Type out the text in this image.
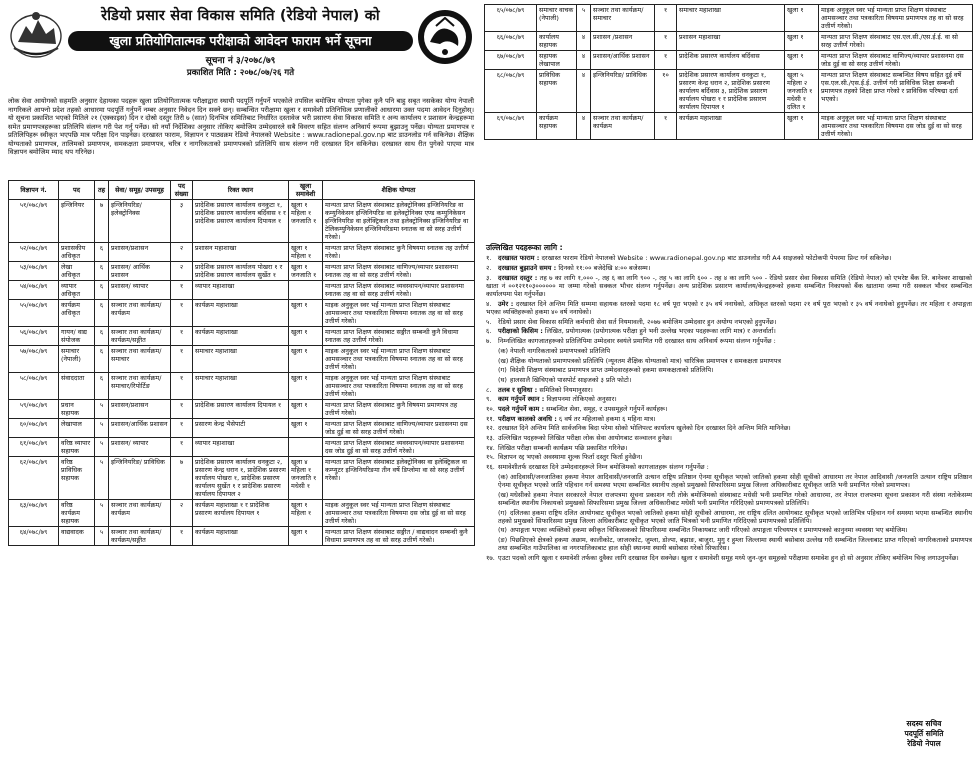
रेडियो प्रसार सेवा विकास समिति (रेडियो नेपाल) को
खुला प्रतियोगितात्मक परीक्षाको आवेदन फाराम भर्ने सूचना
सूचना नं ३/२०७८/७९
प्रकाशित मिति : २०७८/०७/२६ गते
लोक सेवा आयोगको सहमति अनुसार देहायका पदहरू खुला प्रतियोगितात्मक परीक्षाद्वारा स्थायी पदपूर्ति गर्नुपर्ने भएकोले तपसिल बमोजिम योग्यता पुगेका कुनै पनि बाहु सबृत नसकेका योग्य नेपाली नागरिकले आफ्नो प्रदेश तहको आधारमा पदपूर्ति गर्नुपर्ने नम्बर अनुसार निवेदन दिन सक्ने छन्। सम्बन्धित परीक्षामा खुला र समावेशी प्रतिनिधित्व प्रणालीको आधारमा उक्त पदमा आवेदन दिनुहोस्। यो सूचना प्रकाशित भएको मितिले २१ (एक्काइस) दिन र दोस्रो दस्तुर तिरी ७ (सात) दिनभित्र समितिबाट निर्धारित दस्तावेज भरी प्रसारण सेवा विकास समिति र अन्य कार्यालय र प्रशासन केन्द्रहरूमा समेत प्रमाणपत्रहरूका प्रतिलिपि संलग्न गरी पेश गर्नु पर्नेछ। सो नयाँ निर्देशिका अनुसार तोकिए बमोजिम उम्मेदवारले सबै विवरण सहित संलग्न अनिवार्य रूपमा बुझाउनु पर्नेछ। योग्यता प्रमाणपत्र र प्रतिलिपिहरू स्वीकृत भएपछि मात्र परीक्षा दिन पाइनेछ। दरखास्त फाराम, विज्ञापन र पाठ्यक्रम रेडियो नेपालको Website : www.radionepal.gov.np बाट डाउनलोड गर्न सकिनेछ। शैक्षिक योग्यताको प्रमाणपत्र, तालिमको प्रमाणपत्र, समकक्षता प्रमाणपत्र, चरित्र र नागरिकताको प्रमाणपत्रको प्रतिलिपि साथ संलग्न गरी दरखास्त दिन सकिनेछ। दरखास्त साथ रीत पुगेको पाएमा मात्र विज्ञापन बमोजिम म्याद थप गरिनेछ।
विज्ञापन नं.	पद	तह	सेवा/ समूह/ उपसमूह	पद संख्या	रिक्त स्थान	खुला समावेशी	शैक्षिक योग्यता
५१/०७८/७९	इन्जिनियर	७	इन्जिनियरिङ/ इलेक्ट्रोनिक्स	३	प्रादेशिक प्रसारण कार्यालय धनकुटा १, प्रादेशिक प्रसारण कार्यालय बर्दिवास १ र प्रादेशिक प्रसारण कार्यालय दिपायल १	खुला १ महिला १ जनजाति १	मान्यता प्राप्त शिक्षण संस्थाबाट इलेक्ट्रोनिक्स इन्जिनियरिङ वा कम्युनिकेसन इन्जिनियरिङ वा इलेक्ट्रोनिक्स एण्ड कम्युनिकेसन इन्जिनियरिङ वा इलेक्ट्रिकल तथा इलेक्ट्रोनिक्स इन्जिनियरिङ वा टेलिकम्युनिकेसन इन्जिनियरिङमा स्नातक वा सो सरह उत्तीर्ण गरेको।
५२/०७८/७९	प्रशासकीय अधिकृत	६	प्रशासन/प्रशासन	२	प्रशासन महाशाखा	खुला १ महिला १	मान्यता प्राप्त शिक्षण संस्थाबाट कुनै विषयमा स्नातक तह उत्तीर्ण गरेको।
५३/०७८/७९	लेखा अधिकृत	६	प्रशासन/ आर्थिक प्रशासन	२	प्रादेशिक प्रसारण कार्यालय पोखरा १ र प्रादेशिक प्रसारण कार्यालय सुर्खेत १	खुला १ जनजाति १	मान्यता प्राप्त शिक्षण संस्थाबाट वाणिज्य/व्यापार प्रशासनमा स्नातक तह वा सो सरह उत्तीर्ण गरेको।
५४/०७८/७९	व्यापार अधिकृत	६	प्रशासन/ व्यापार	१	व्यापार महाशाखा		मान्यता प्राप्त शिक्षण संस्थाबाट व्यवस्थापन/व्यापार प्रशासनमा स्नातक तह वा सो सरह उत्तीर्ण गरेको।
५५/०७८/७९	कार्यक्रम अधिकृत	६	सञ्चार तथा कार्यक्रम/ कार्यक्रम	१	कार्यक्रम महाशाखा	खुला १	माइक अनुकूल स्वर भई मान्यता प्राप्त शिक्षण संस्थाबाट आमसञ्चार तथा पत्रकारिता विषयमा स्नातक तह वा सो सरह उत्तीर्ण गरेको।
५६/०७८/७९	गायन/ वाद्य संयोजक	६	सञ्चार तथा कार्यक्रम/ कार्यक्रम/सङ्गीत	१	कार्यक्रम महाशाखा	खुला १	मान्यता प्राप्त शिक्षण संस्थाबाट सङ्गीत सम्बन्धी कुनै विधामा स्नातक तह उत्तीर्ण गरेको।
५७/०७८/७९	समाचार (नेपाली)	६	सञ्चार तथा कार्यक्रम/ समाचार	१	समाचार महाशाखा	खुला १	माइक अनुकूल स्वर भई मान्यता प्राप्त शिक्षण संस्थाबाट आमसञ्चार तथा पत्रकारिता विषयमा स्नातक तह वा सो सरह उत्तीर्ण गरेको।
५८/०७८/७९	संवाददाता	६	सञ्चार तथा कार्यक्रम/ समाचार/रिपोर्टिङ	१	समाचार महाशाखा	खुला १	माइक अनुकूल स्वर भई मान्यता प्राप्त शिक्षण संस्थाबाट आमसञ्चार तथा पत्रकारिता विषयमा स्नातक तह वा सो सरह उत्तीर्ण गरेको।
५९/०७८/७९	प्रधान सहायक	५	प्रशासन/प्रशासन	१	प्रादेशिक प्रसारण कार्यालय दिपायल १	खुला १	मान्यता प्राप्त शिक्षण संस्थाबाट कुनै विषयमा प्रमाणपत्र तह उत्तीर्ण गरेको।
६०/०७८/७९	लेखापाल	५	प्रशासन/आर्थिक प्रशासन	१	प्रसारण केन्द्र भैसेपाटी	खुला १	मान्यता प्राप्त शिक्षण संस्थाबाट वाणिज्य/व्यापार प्रशासनमा दस जोड दुई वा सो सरह उत्तीर्ण गरेको।
६१/०७८/७९	वरिष्ठ व्यापार सहायक	५	प्रशासन/ व्यापार	१	व्यापार महाशाखा		मान्यता प्राप्त शिक्षण संस्थाबाट व्यवस्थापन/व्यापार प्रशासनमा दस जोड दुई वा सो सरह उत्तीर्ण गरेको।
६२/०७८/७९	वरिष्ठ प्राविधिक सहायक	५	इन्जिनियरिङ/ प्राविधिक	७	प्रादेशिक प्रसारण कार्यालय धनकुटा २, प्रसारण केन्द्र धरान १, प्रादेशिक प्रसारण कार्यालय पोखरा १, प्रादेशिक प्रसारण कार्यालय सुर्खेत १ र प्रादेशिक प्रसारण कार्यालय दिपायल २	खुला ४ महिला १ जनजाति १ मधेसी १	मान्यता प्राप्त शिक्षण संस्थाबाट इलेक्ट्रोनिक्स वा इलेक्ट्रिकल वा कम्प्युटर इन्जिनियरिङमा तीन वर्षे डिप्लोमा वा सो सरह उत्तीर्ण गरेको।
६३/०७८/७९	वरिष्ठ कार्यक्रम सहायक	५	सञ्चार तथा कार्यक्रम/ कार्यक्रम	२	कार्यक्रम महाशाखा १ र प्रादेशिक प्रसारण कार्यालय दिपायल १	खुला १ महिला १	माइक अनुकूल स्वर भई मान्यता प्राप्त शिक्षण संस्थाबाट आमसञ्चार तथा पत्रकारिता विषयमा दस जोड दुई वा सो सरह उत्तीर्ण गरेको।
६४/०७८/७९	वाद्यवादक	५	सञ्चार तथा कार्यक्रम/ कार्यक्रम/सङ्गीत	१	कार्यक्रम महाशाखा	खुला १	मान्यता प्राप्त शिक्षण संस्थाबाट सङ्गीत / वाद्यवादन सम्बन्धी कुनै विधामा प्रमाणपत्र तह वा सो सरह उत्तीर्ण गरेको।
६५/०७८/७९	समाचार वाचक (नेपाली)	५	सञ्चार तथा कार्यक्रम/ समाचार	१	समाचार महाशाखा	खुला १	माइक अनुकूल स्वर भई मान्यता प्राप्त शिक्षण संस्थाबाट आमसञ्चार तथा पत्रकारिता विषयमा प्रमाणपत्र तह वा सो सरह उत्तीर्ण गरेको।
६६/०७८/७९	कार्यालय सहायक	४	प्रशासन /प्रशासन	१	प्रशासन महाशाखा	खुला १	मान्यता प्राप्त शिक्षण संस्थाबाट एस.एल.सी./एस.ई.ई. वा सो सरह उत्तीर्ण गरेको।
६७/०७८/७९	सहायक लेखापाल	४	प्रशासन/आर्थिक प्रशासन	१	प्रादेशिक प्रसारण कार्यालय बर्दिवास	खुला १	मान्यता प्राप्त शिक्षण संस्थाबाट वाणिज्य/व्यापार प्रशासनमा दस जोड दुई वा सो सरह उत्तीर्ण गरेको।
६८/०७८/७९	प्राविधिक सहायक	४	इन्जिनियरिङ/ प्राविधिक	१०	प्रादेशिक प्रसारण कार्यालय धनकुटा १, प्रसारण केन्द्र धरान २, प्रादेशिक प्रसारण कार्यालय बर्दिवास ३, प्रादेशिक प्रसारण कार्यालय पोखरा १ र प्रादेशिक प्रसारण कार्यालय दिपायल १	खुला ५ महिला २ जनजाति १ मधेसी १ दलित १	मान्यता प्राप्त शिक्षण संस्थाबाट सम्बन्धित विषय सहित दुई वर्षे एस.एल.सी./एस.ई.ई. उत्तीर्ण गरी प्राविधिक शिक्षा सम्बन्धी प्रमाणपत्र तहको शिक्षा प्राप्त गरेको र प्राविधिक परिषद्मा दर्ता भएको।
६९/०७८/७९	कार्यक्रम सहायक	४	सञ्चार तथा कार्यक्रम/ कार्यक्रम	१	कार्यक्रम महाशाखा	खुला १	माइक अनुकूल स्वर भई मान्यता प्राप्त शिक्षण संस्थाबाट आमसञ्चार तथा पत्रकारिता विषयमा दस जोड दुई वा सो सरह उत्तीर्ण गरेको।
उल्लिखित पदहरूका लागि :
१. दरखास्त फाराम : दरखास्त फाराम रेडियो नेपालको Website : www.radionepal.gov.np बाट डाउनलोड गरी A4 साइजको फोटोकपी पेपरमा प्रिन्ट गर्न सकिनेछ।
२. दरखास्त बुझाउने समय : दिनको ११:०० बजेदेखि ४:०० बजेसम्म।
३. दरखास्त दस्तुर : तह ७ का लागि १,००० -, तह ६ का लागि ९०० -, तह ५ का लागि ६०० - तह ४ का लागि ५०० - रेडियो प्रसार सेवा विकास समिति (रेडियो नेपाल) को एभरेष्ट बैंक लि. बानेश्वर शाखाको खाता नं ००१२११०३०००००० मा जम्मा गरेको सक्कल भौचर संलग्न गर्नुपर्नेछ। अन्य प्रादेशिक प्रसारण कार्यालय/केन्द्रहरूको हकमा सम्बन्धित निकायको बैंक खातामा जम्मा गरी सक्कल भौचर सम्बन्धित कार्यालयमा पेश गर्नुपर्नेछ।
४. उमेर : दरखास्त दिने अन्तिम मिति सम्ममा सहायक स्तरको पदमा १८ वर्ष पूरा भएको र ३५ वर्ष ननाघेको, अधिकृत स्तरको पदमा २१ वर्ष पूरा भएको र ३५ वर्ष ननाघेको हुनुपर्नेछ। तर महिला र अपाङ्गता भएका व्यक्तिहरूको हकमा ४० वर्ष ननाघेको।
५. रेडियो प्रसार सेवा विकास समिति कर्मचारी सेवा सर्त नियमावली, २०७७ बमोजिम उम्मेदवार हुन अयोग्य नभएको हुनुपर्नेछ।
६. परीक्षाको किसिम : लिखित, प्रयोगात्मक (प्रयोगात्मक परीक्षा हुने भनी उल्लेख भएका पदहरूका लागि मात्र) र अन्तर्वार्ता।
७. निम्नलिखित कागजातहरूको प्रतिलिपिमा उम्मेदवार स्वयंले प्रमाणित गरी दरखास्त साथ अनिवार्य रूपमा संलग्न गर्नुपर्नेछ :
(क) नेपाली नागरिकताको प्रमाणपत्रको प्रतिलिपि
(ख) शैक्षिक योग्यताको प्रमाणपत्रको प्रतिलिपि (न्यूनतम शैक्षिक योग्यताको मात्र) चारित्रिक प्रमाणपत्र र समकक्षता प्रमाणपत्र
(ग) विदेशी शिक्षण संस्थाबाट प्रमाणपत्र प्राप्त उम्मेदवारहरूको हकमा समकक्षताको प्रतिलिपि।
(घ) हालसालै खिचिएको पासपोर्ट साइजको ३ प्रति फोटो।
८. तलब र सुविधा : समितिको नियमानुसार।
९. काम गर्नुपर्ने स्थान : विज्ञापनमा तोकिएको अनुसार।
१०. पदले गर्नुपर्ने काम : सम्बन्धित सेवा, समूह, र उपसमूहले गर्नुपर्ने कार्यहरू।
११. परीक्षण कालको अवधि : ६ वर्ष तर महिलाको हकमा ६ महिना मात्र।
१२. दरखास्त दिने अन्तिम मिति सार्वजनिक बिदा परेमा सोको भोलिपल्ट कार्यालय खुलेको दिन दरखास्त दिने अन्तिम मिति मानिनेछ।
१३. उल्लिखित पदहरूको लिखित परीक्षा लोक सेवा आयोगबाट सञ्चालन हुनेछ।
१४. लिखित परीक्षा सम्बन्धी कार्यक्रम पछि प्रकाशित गरिनेछ।
१५. विज्ञापन रद्द भएको अवस्थामा शुल्क फिर्ता दस्तुर फिर्ता हुनेछैन।
१६. समावेशीतर्फ दरखास्त दिने उम्मेदवारहरूले निम्न बमोजिमको कागजातहरू संलग्न गर्नुपर्नेछ :
(क) आदिवासी/जनजातिका हकमा नेपाल आदिवासी/जनजाति उत्थान राष्ट्रिय प्रतिष्ठान ऐनमा सूचीकृत भएको जातिको हकमा सोही सूचीको आधारमा तर नेपाल आदिवासी /जनजाति उत्थान राष्ट्रिय प्रतिष्ठान ऐनमा सूचीकृत भएको जाति पहिचान गर्न समस्या भएमा सम्बन्धित स्थानीय तहको प्रमुखको सिफारिसमा प्रमुख जिल्ला अधिकारीबाट सूचीकृत जाति भनी प्रमाणित गरेको प्रमाणपत्र।
(ख) मधेसीको हकमा नेपाल सरकारले नेपाल राजपत्रमा सूचना प्रकाशन गरी तोके बमोजिमको संस्थाबाट मधेसी भनी प्रमाणित गरेको आधारमा, तर नेपाल राजपत्रमा सूचना प्रकाशन गरी संस्था नतोकेसम्म सम्बन्धित स्थानीय निकायको प्रमुखको सिफारिसमा प्रमुख जिल्ला अधिकारीबाट मधेसी भनी प्रमाणित गरिदिएको प्रमाणपत्रको प्रतिलिपि।
(ग) दलितका हकमा राष्ट्रिय दलित आयोगबाट सूचीकृत भएको जातिको हकमा सोही सूचीको आधारमा, तर राष्ट्रिय दलित आयोगबाट सूचीकृत भएको जातिभित्र पहिचान गर्न समस्या भएमा सम्बन्धित स्थानीय तहको प्रमुखको सिफारिसमा प्रमुख जिल्ला अधिकारीबाट सूचीकृत भएको जाति भित्रको भनी प्रमाणित गरिदिएको प्रमाणपत्रको प्रतिलिपि।
(घ) अपाङ्गता भएका व्यक्तिको हकमा स्वीकृत चिकित्सकको सिफारिसमा सम्बन्धित निकायबाट जारी गरिएको अपाङ्गता परिचयपत्र र प्रमाणपत्रको कानुनमा व्यवस्था भए बमोजिम।
(ङ) पिछडिएको क्षेत्रको हकमा अछाम, कालीकोट, जाजरकोट, जुम्ला, डोल्पा, बझाङ, बाजुरा, मुगु र हुम्ला जिल्लामा स्थायी बसोबास उल्लेख गरी सम्बन्धित जिल्लाबाट प्राप्त गरिएको नागरिकताको प्रमाणपत्र तथा सम्बन्धित गाउँपालिका वा नगरपालिकाबाट हाल सोही स्थानमा स्थायी बसोबास गरेको सिफारिस।
१७. एउटा पदको लागि खुला र समावेशी तर्फका दुवैका लागि दरखास्त दिन सक्नेछ। खुला र समावेशी समूह मध्ये जुन-जुन समूहको परीक्षामा समावेश हुन हो सो अनुसार तोकिए बमोजिम चिन्ह लगाउनुपर्नेछ।
सदस्य सचिव
पदपूर्ति समिति
रेडियो नेपाल
